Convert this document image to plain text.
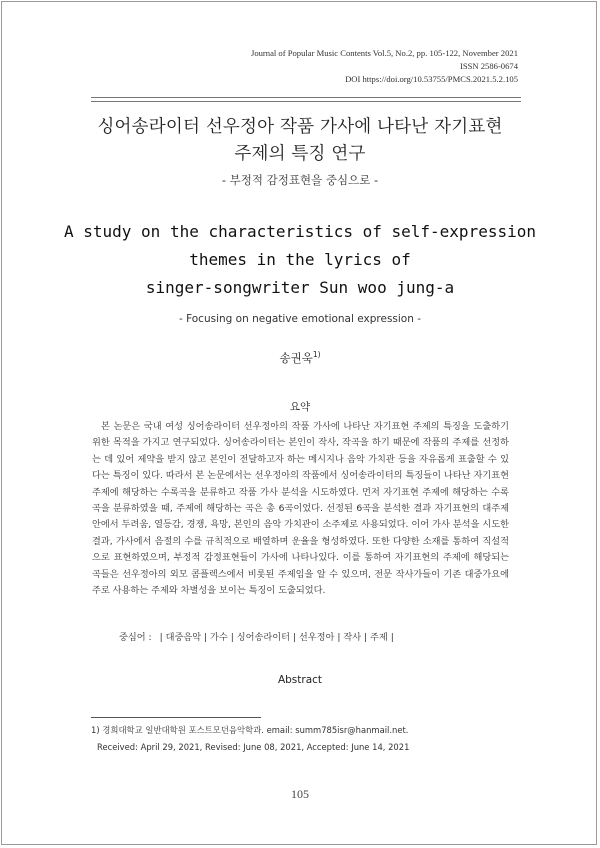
Journal of Popular Music Contents Vol.5, No.2, pp. 105-122, November 2021
ISSN 2586-0674
DOI https://doi.org/10.53755/PMCS.2021.5.2.105
싱어송라이터 선우정아 작품 가사에 나타난 자기표현
주제의 특징 연구
- 부정적 감정표현을 중심으로 -
A study on the characteristics of self-expression
themes in the lyrics of
singer-songwriter Sun woo jung-a
- Focusing on negative emotional expression -
송권욱$^{1)}$
요약
본 논문은 국내 여성 싱어송라이터 선우정아의 작품 가사에 나타난 자기표현 주제의 특징을 도출하기 위한 목적을 가지고 연구되었다. 싱어송라이터는 본인이 작사, 작곡을 하기 때문에 작품의 주제를 선정하는 데 있어 제약을 받지 않고 본인이 전달하고자 하는 메시지나 음악 가치관 등을 자유롭게 표출할 수 있다는 특징이 있다. 따라서 본 논문에서는 선우정아의 작품에서 싱어송라이터의 특징들이 나타난 자기표현 주제에 해당하는 수록곡을 분류하고 작품 가사 분석을 시도하였다. 먼저 자기표현 주제에 해당하는 수록곡을 분류하였을 때, 주제에 해당하는 곡은 총 6곡이었다. 선정된 6곡을 분석한 결과 자기표현의 대주제 안에서 두려움, 열등감, 경쟁, 욕망, 본인의 음악 가치관이 소주제로 사용되었다. 이어 가사 분석을 시도한 결과, 가사에서 음절의 수를 규칙적으로 배열하며 운율을 형성하였다. 또한 다양한 소재를 통하여 직설적으로 표현하였으며, 부정적 감정표현들이 가사에 나타나있다. 이를 통하여 자기표현의 주제에 해당되는 곡들은 선우정아의 외모 콤플렉스에서 비롯된 주제임을 알 수 있으며, 전문 작사가들이 기존 대중가요에 주로 사용하는 주제와 차별성을 보이는 특징이 도출되었다.
중심어 : | 대중음악 | 가수 | 싱어송라이터 | 선우정아 | 작사 | 주제 |
Abstract
1) 경희대학교 일반대학원 포스트모던음악학과. email: summ785isr@hanmail.net.
Received: April 29, 2021, Revised: June 08, 2021, Accepted: June 14, 2021
105
